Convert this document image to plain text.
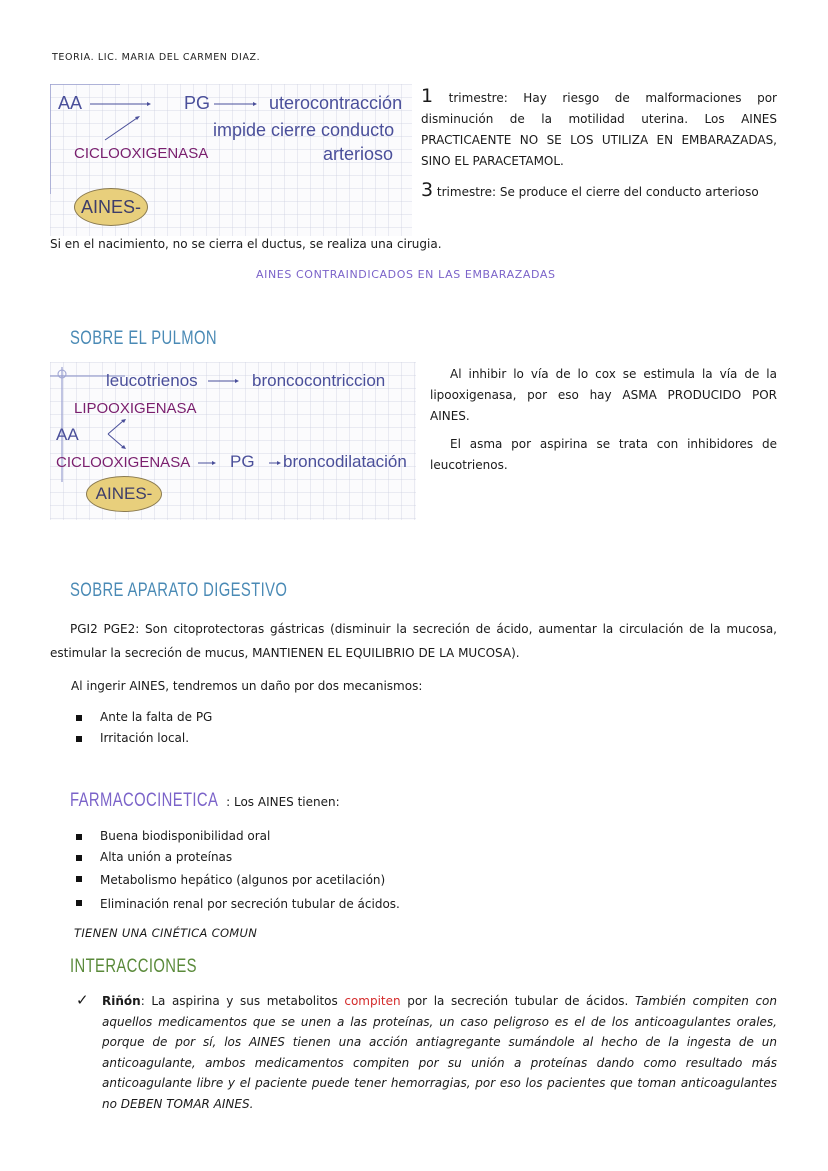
TEORIA. LIC. MARIA DEL CARMEN DIAZ.
AA	PG	uterocontracción
impide cierre conducto
arterioso
CICLOOXIGENASA
AINES-
1 trimestre: Hay riesgo de malformaciones por disminución de la motilidad uterina. Los AINES PRACTICAENTE NO SE LOS UTILIZA EN EMBARAZADAS, SINO EL PARACETAMOL.
3 trimestre: Se produce el cierre del conducto arterioso
Si en el nacimiento, no se cierra el ductus, se realiza una cirugia.
AINES CONTRAINDICADOS EN LAS EMBARAZADAS
SOBRE EL PULMON
leucotrienos	broncocontriccion
LIPOOXIGENASA
AA
CICLOOXIGENASA PG broncodilatación
AINES-
Al inhibir lo vía de lo cox se estimula la vía de la lipooxigenasa, por eso hay ASMA PRODUCIDO POR AINES.
El asma por aspirina se trata con inhibidores de leucotrienos.
SOBRE APARATO DIGESTIVO
PGI2 PGE2: Son citoprotectoras gástricas (disminuir la secreción de ácido, aumentar la circulación de la mucosa, estimular la secreción de mucus, MANTIENEN EL EQUILIBRIO DE LA MUCOSA).
Al ingerir AINES, tendremos un daño por dos mecanismos:
Ante la falta de PG
Irritación local.
FARMACOCINETICA : Los AINES tienen:
Buena biodisponibilidad oral
Alta unión a proteínas
Metabolismo hepático (algunos por acetilación)
Eliminación renal por secreción tubular de ácidos.
TIENEN UNA CINÉTICA COMUN
INTERACCIONES
✓ Riñón: La aspirina y sus metabolitos compiten por la secreción tubular de ácidos. También compiten con aquellos medicamentos que se unen a las proteínas, un caso peligroso es el de los anticoagulantes orales, porque de por sí, los AINES tienen una acción antiagregante sumándole al hecho de la ingesta de un anticoagulante, ambos medicamentos compiten por su unión a proteínas dando como resultado más anticoagulante libre y el paciente puede tener hemorragias, por eso los pacientes que toman anticoagulantes no DEBEN TOMAR AINES.
